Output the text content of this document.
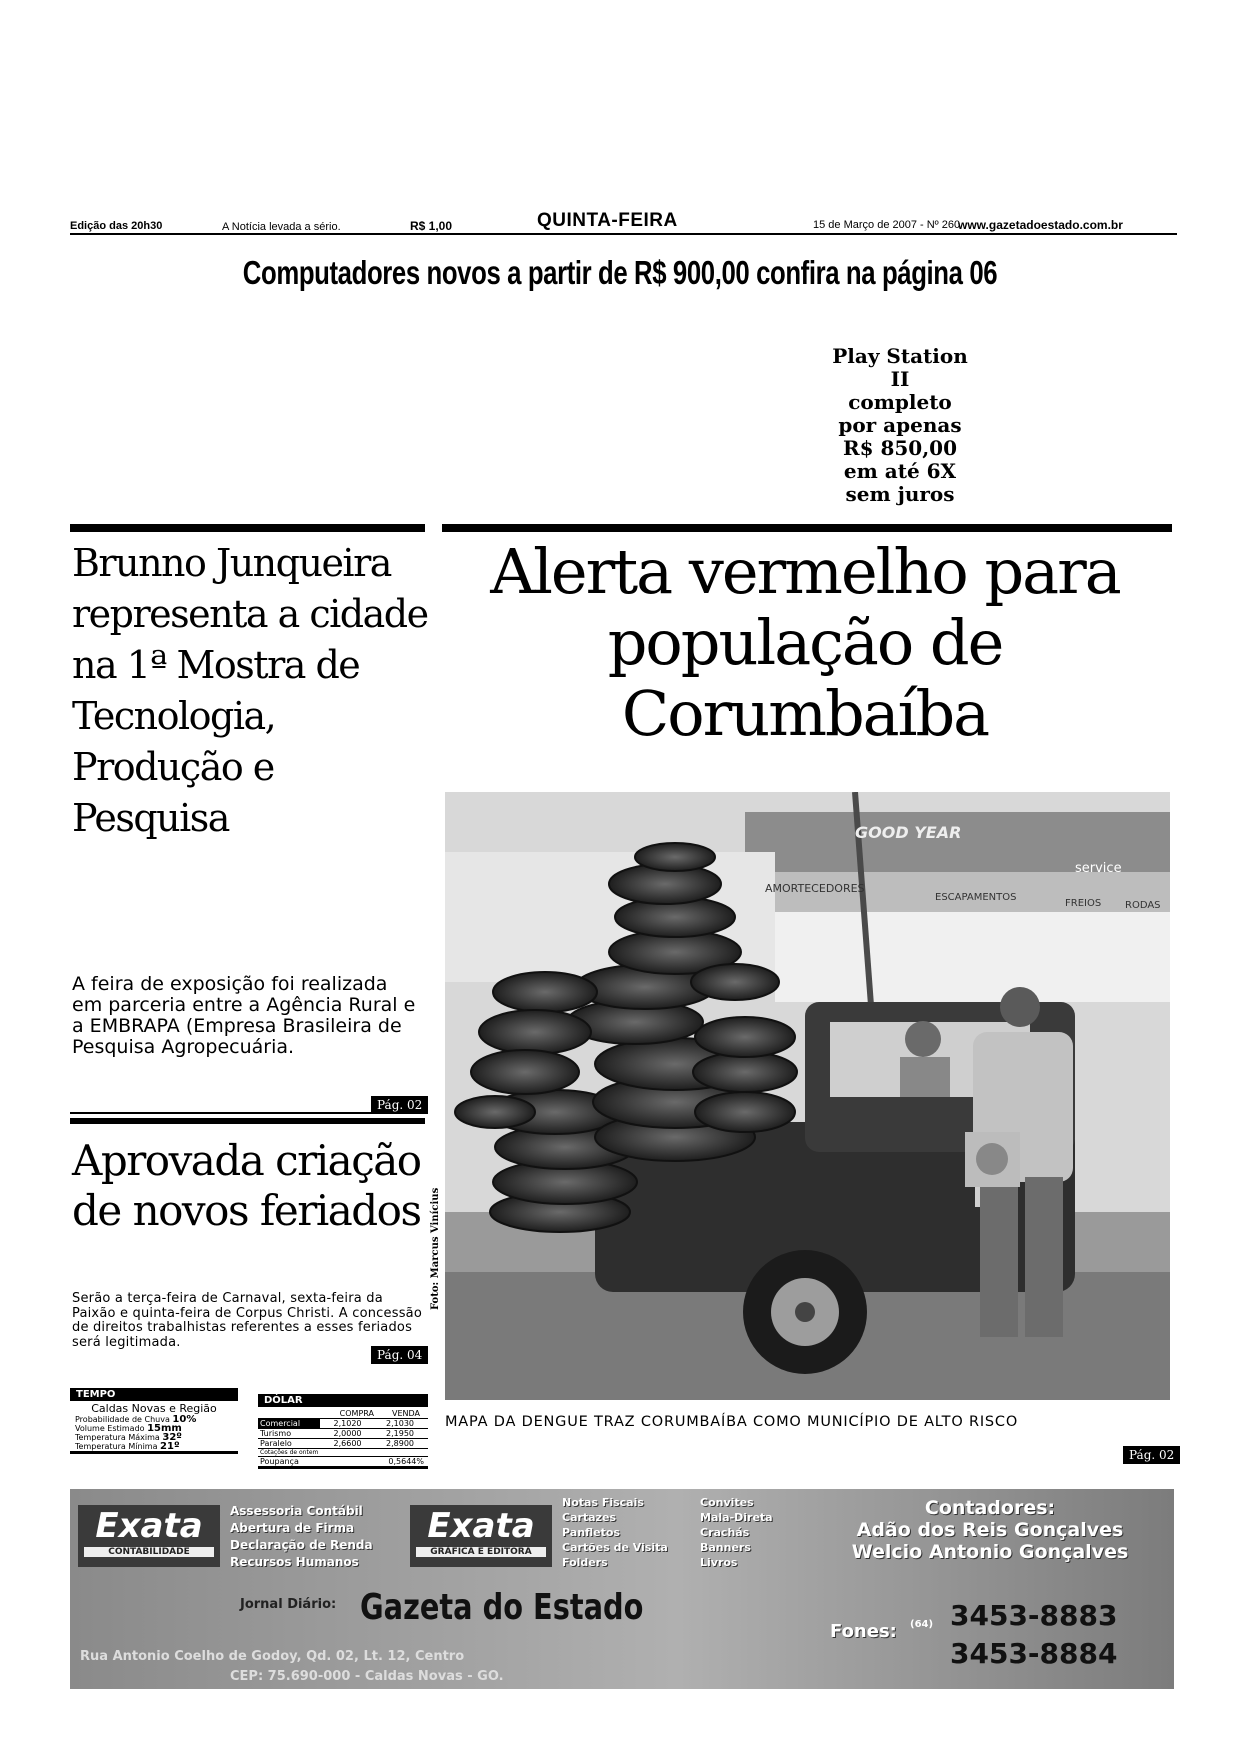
Edição das 20h30	A Notícia levada a sério.	R$ 1,00	QUINTA-FEIRA	15 de Março de 2007 - Nº 260
www.gazetadoestado.com.br
Computadores novos a partir de R$ 900,00 confira na página 06
Play Station II
completo
por apenas
R$ 850,00
em até 6X
sem juros
Brunno Junqueira representa a cidade na 1ª Mostra de Tecnologia, Produção e Pesquisa
A feira de exposição foi realizada em parceria entre a Agência Rural e a EMBRAPA (Empresa Brasileira de Pesquisa Agropecuária.
Pág. 02
Aprovada criação de novos feriados
Serão a terça-feira de Carnaval, sexta-feira da Paixão e quinta-feira de Corpus Christi. A concessão de direitos trabalhistas referentes a esses feriados será legitimada.
Pág. 04
Alerta vermelho para população de Corumbaíba
GOOD YEAR
AMORTECEDORES
ESCAPAMENTOS
FREIOS RODAS
service
Foto: Marcus Vinícius
MAPA DA DENGUE TRAZ CORUMBAÍBA COMO MUNICÍPIO DE ALTO RISCO
Pág. 02
TEMPO
Caldas Novas e Região
Probabilidade de Chuva 10%
Volume Estimado 15mm
Temperatura Máxima 32º
Temperatura Mínima 21º
DÓLAR
COMPRA VENDA
Comercial	2,1020	2,1030
Turismo	2,0000	2,1950
Paralelo	2,6600	2,8900
Cotações de ontem
Poupança	0,5644%
Exata
CONTABILIDADE
Assessoria Contábil
Abertura de Firma
Declaração de Renda
Recursos Humanos
Exata
GRÁFICA E EDITORA
Notas Fiscais
Cartazes
Panfletos
Cartões de Visita
Folders
Convites
Mala-Direta
Crachás
Banners
Livros
Contadores:
Adão dos Reis Gonçalves
Welcio Antonio Gonçalves
Jornal Diário: Gazeta do Estado
Fones: (64) 3453-8883
3453-8884
Rua Antonio Coelho de Godoy, Qd. 02, Lt. 12, Centro
CEP: 75.690-000 - Caldas Novas - GO.
